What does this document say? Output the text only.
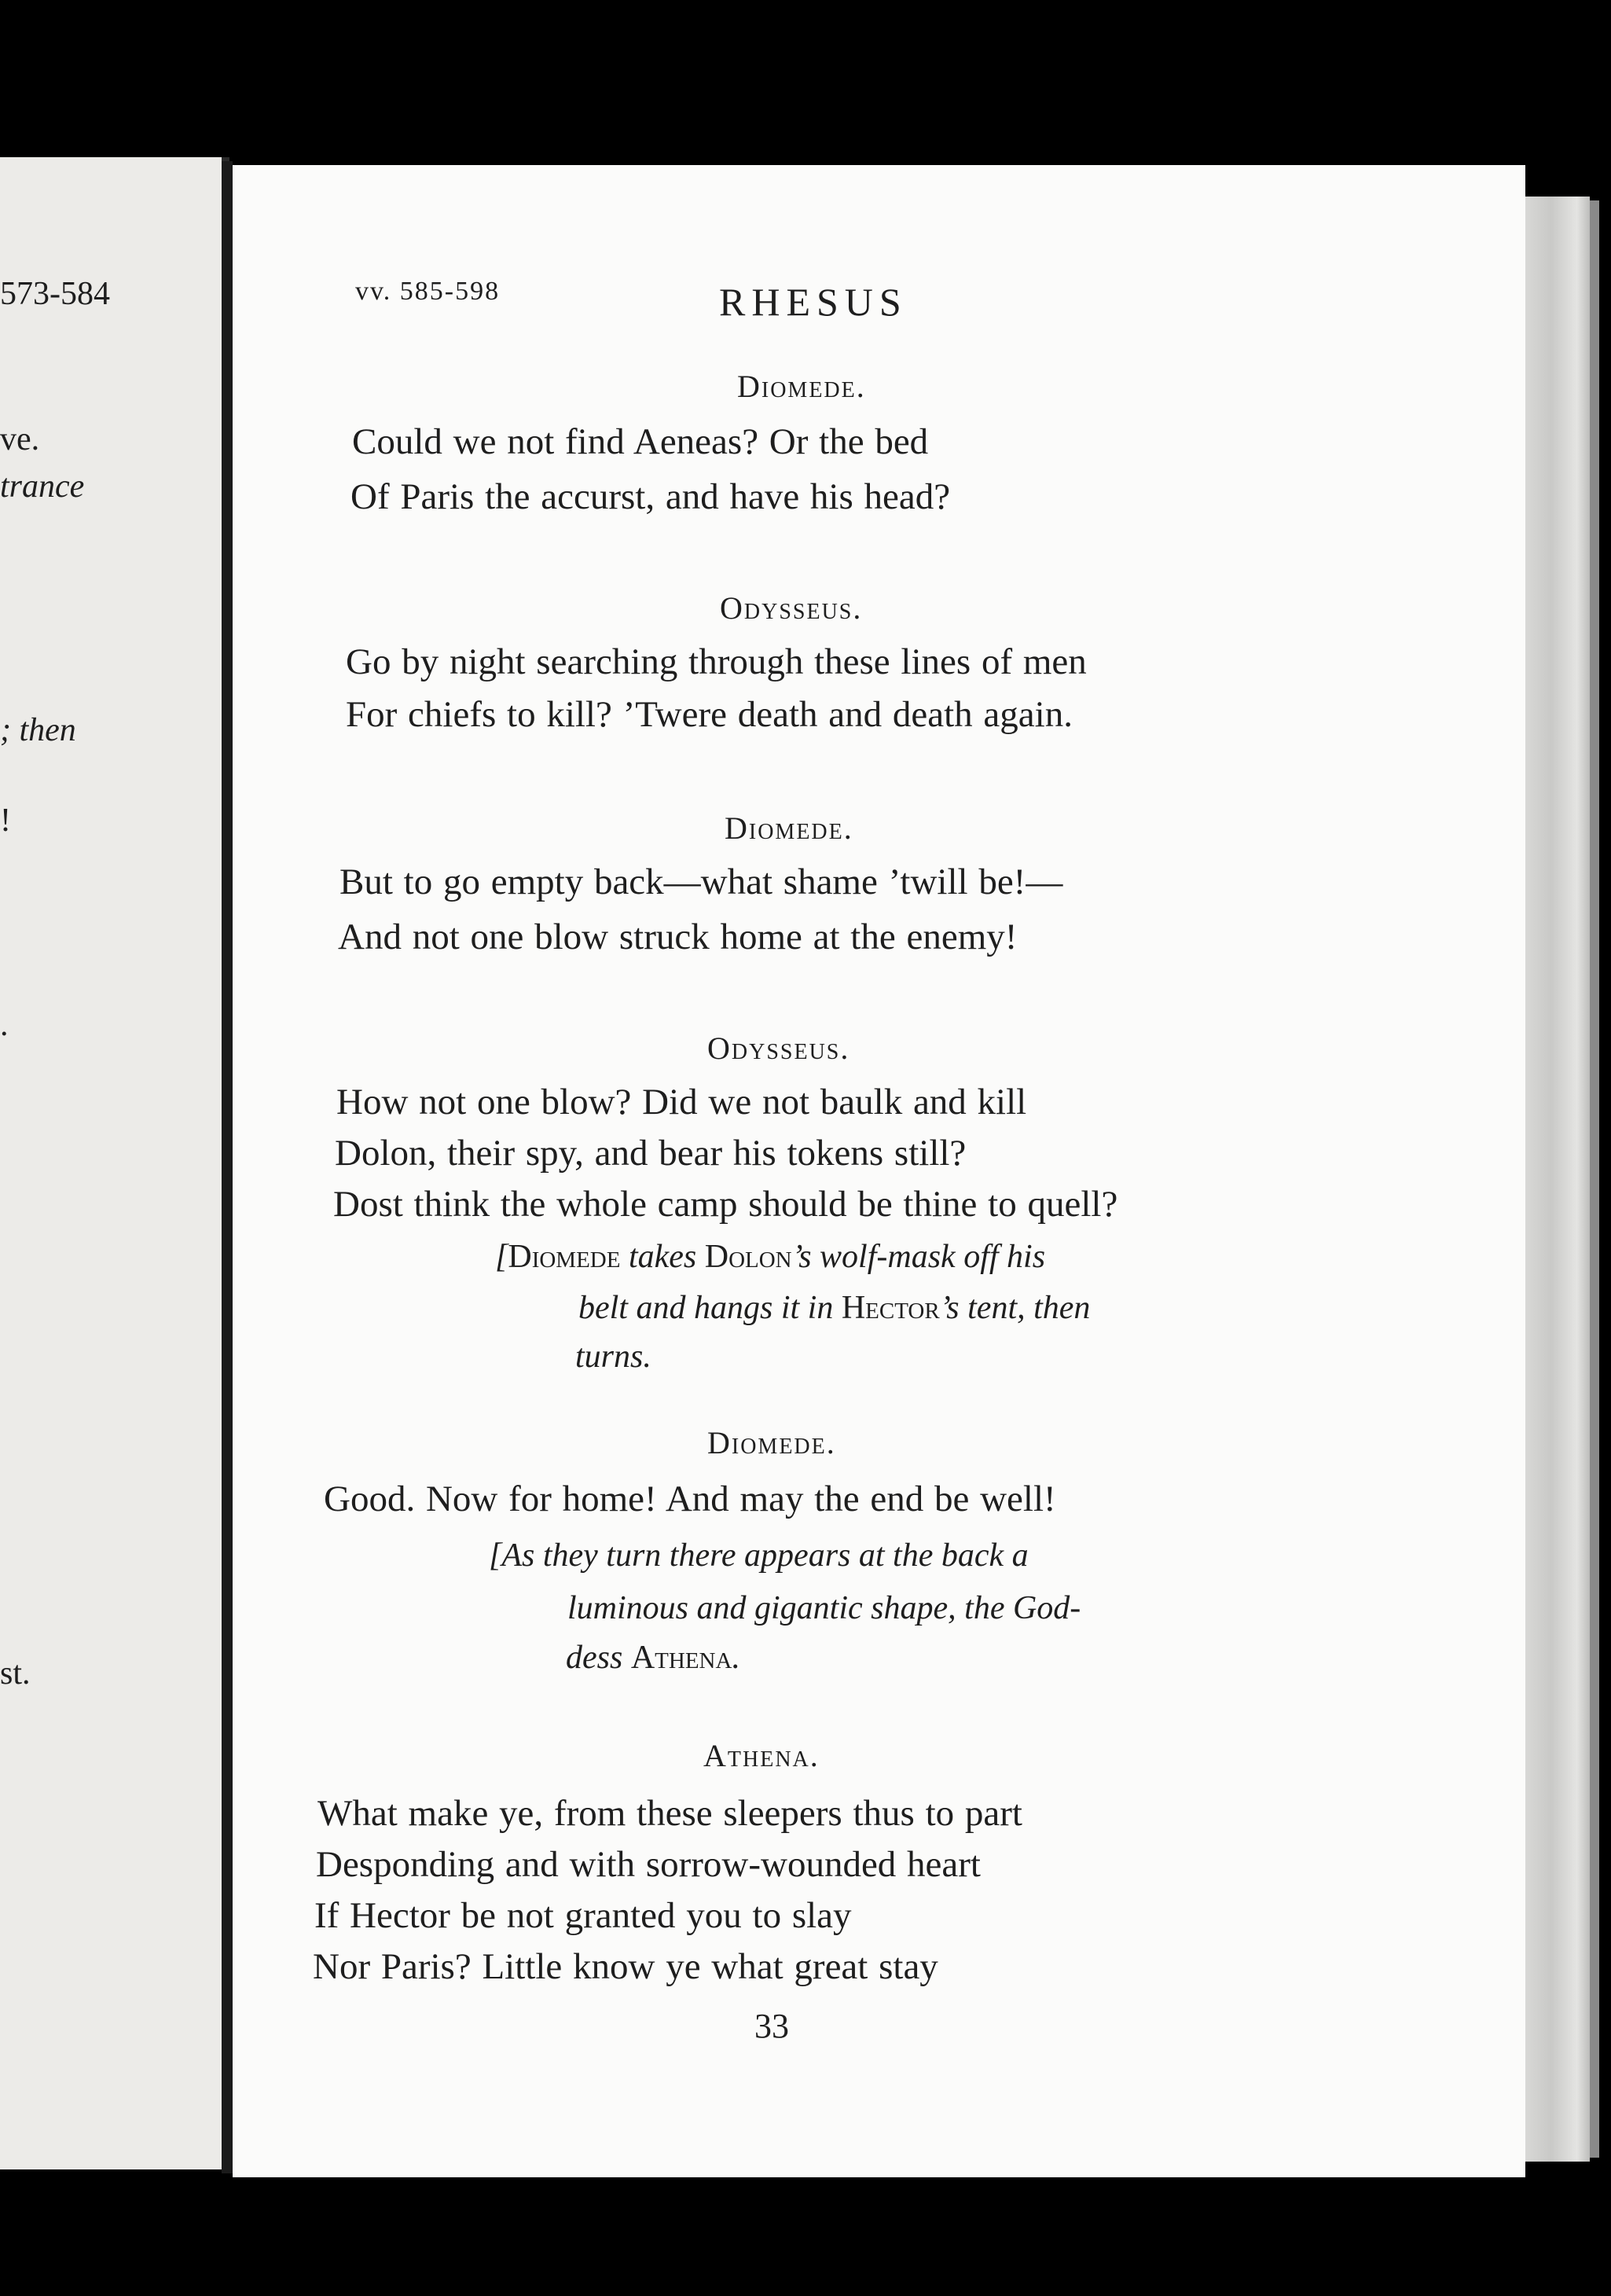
573-584
ve.
trance
; then
!
.
st.
vv. 585-598	RHESUS
Diomede.
Could we not find Aeneas? Or the bed
Of Paris the accurst, and have his head?
Odysseus.
Go by night searching through these lines of men
For chiefs to kill? ’Twere death and death again.
Diomede.
But to go empty back—what shame ’twill be!—
And not one blow struck home at the enemy!
Odysseus.
How not one blow? Did we not baulk and kill
Dolon, their spy, and bear his tokens still?
Dost think the whole camp should be thine to quell?
[Diomede takes Dolon’s wolf-mask off his
belt and hangs it in Hector’s tent, then
turns.
Diomede.
Good. Now for home! And may the end be well!
[As they turn there appears at the back a
luminous and gigantic shape, the God-
dess Athena.
Athena.
What make ye, from these sleepers thus to part
Desponding and with sorrow-wounded heart
If Hector be not granted you to slay
Nor Paris? Little know ye what great stay
33
